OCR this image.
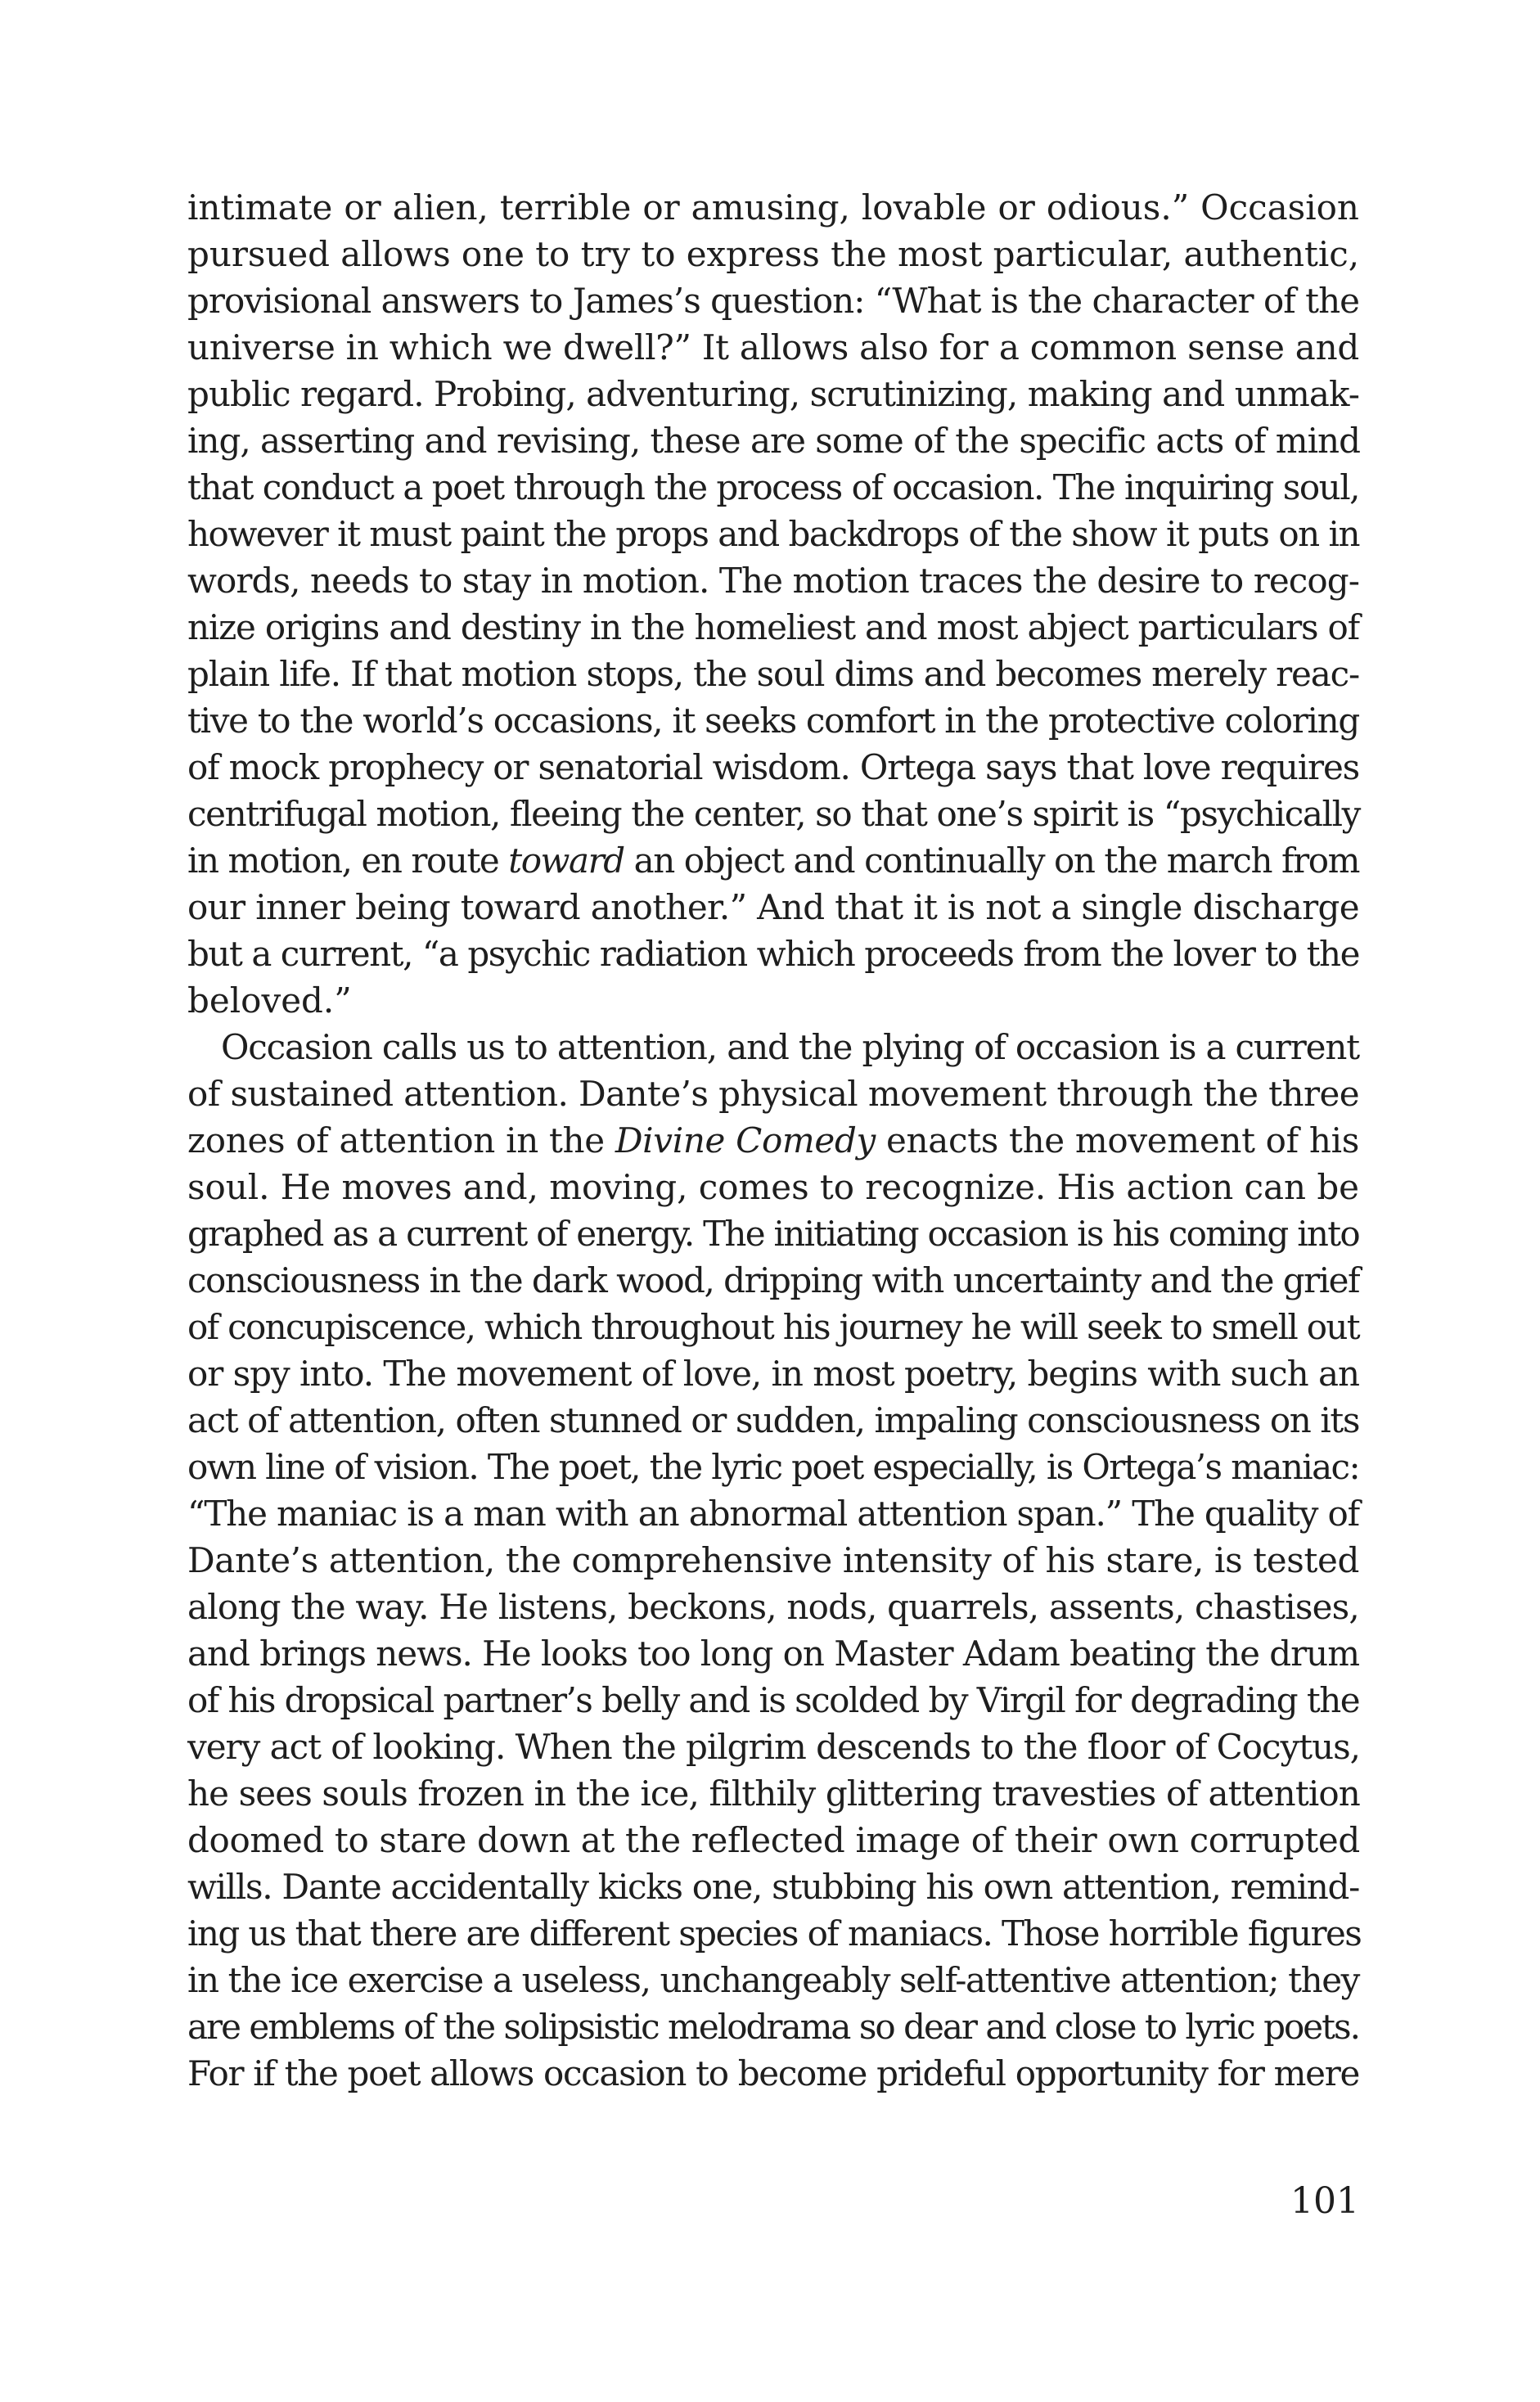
intimate or alien, terrible or amusing, lovable or odious.” Occasion
pursued allows one to try to express the most particular, authentic,
provisional answers to James’s question: “What is the character of the
universe in which we dwell?” It allows also for a common sense and
public regard. Probing, adventuring, scrutinizing, making and unmak-
ing, asserting and revising, these are some of the specific acts of mind
that conduct a poet through the process of occasion. The inquiring soul,
however it must paint the props and backdrops of the show it puts on in
words, needs to stay in motion. The motion traces the desire to recog-
nize origins and destiny in the homeliest and most abject particulars of
plain life. If that motion stops, the soul dims and becomes merely reac-
tive to the world’s occasions, it seeks comfort in the protective coloring
of mock prophecy or senatorial wisdom. Ortega says that love requires
centrifugal motion, fleeing the center, so that one’s spirit is “psychically
in motion, en route toward an object and continually on the march from
our inner being toward another.” And that it is not a single discharge
but a current, “a psychic radiation which proceeds from the lover to the
beloved.”
Occasion calls us to attention, and the plying of occasion is a current
of sustained attention. Dante’s physical movement through the three
zones of attention in the Divine Comedy enacts the movement of his
soul. He moves and, moving, comes to recognize. His action can be
graphed as a current of energy. The initiating occasion is his coming into
consciousness in the dark wood, dripping with uncertainty and the grief
of concupiscence, which throughout his journey he will seek to smell out
or spy into. The movement of love, in most poetry, begins with such an
act of attention, often stunned or sudden, impaling consciousness on its
own line of vision. The poet, the lyric poet especially, is Ortega’s maniac:
“The maniac is a man with an abnormal attention span.” The quality of
Dante’s attention, the comprehensive intensity of his stare, is tested
along the way. He listens, beckons, nods, quarrels, assents, chastises,
and brings news. He looks too long on Master Adam beating the drum
of his dropsical partner’s belly and is scolded by Virgil for degrading the
very act of looking. When the pilgrim descends to the floor of Cocytus,
he sees souls frozen in the ice, filthily glittering travesties of attention
doomed to stare down at the reflected image of their own corrupted
wills. Dante accidentally kicks one, stubbing his own attention, remind-
ing us that there are different species of maniacs. Those horrible figures
in the ice exercise a useless, unchangeably self-attentive attention; they
are emblems of the solipsistic melodrama so dear and close to lyric poets.
For if the poet allows occasion to become prideful opportunity for mere
101
